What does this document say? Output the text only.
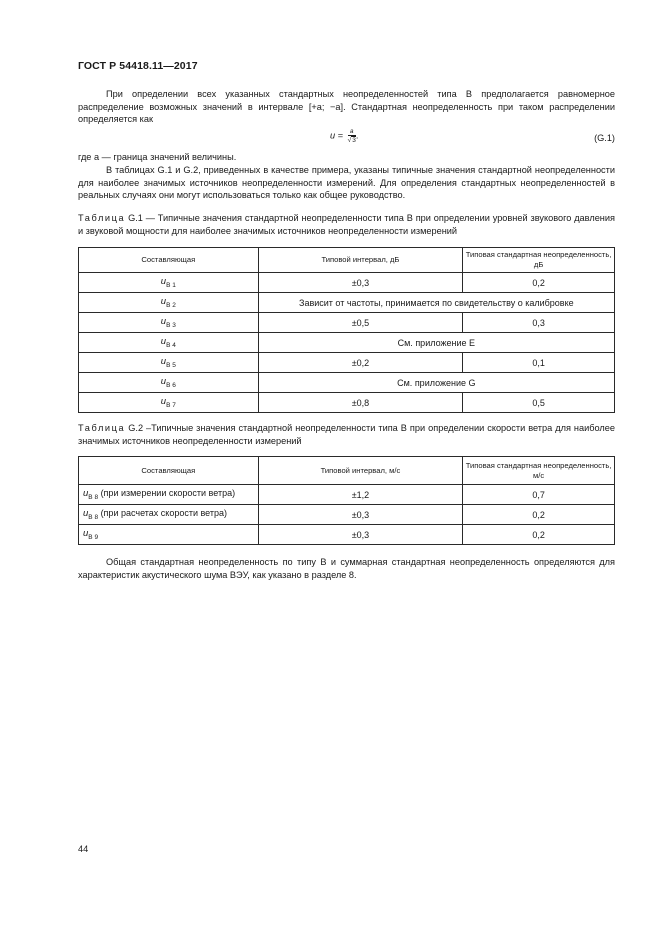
ГОСТ Р 54418.11—2017

При определении всех указанных стандартных неопределенностей типа В предполагается равномерное распределение возможных значений в интервале [+a; −a]. Стандартная неопределенность при таком распределении определяется как

$u = \frac{a}{√3}$ .	(G.1)

где a — граница значений величины.

В таблицах G.1 и G.2, приведенных в качестве примера, указаны типичные значения стандартной неопределенности для наиболее значимых источников неопределенности измерений. Для определения стандартных неопределенностей в реальных случаях они могут использоваться только как общее руководство.

Таблица G.1 — Типичные значения стандартной неопределенности типа В при определении уровней звукового давления и звуковой мощности для наиболее значимых источников неопределенности измерений

Составляющая	Типовой интервал, дБ	Типовая стандартная неопределенность, дБ
$u_{B 1}$	±0,3	0,2
$u_{B 2}$	Зависит от частоты, принимается по свидетельству о калибровке	
$u_{B 3}$	±0,5	0,3
$u_{B 4}$	См. приложение E	
$u_{B 5}$	±0,2	0,1
$u_{B 6}$	См. приложение G	
$u_{B 7}$	±0,8	0,5

Таблица G.2 –Типичные значения стандартной неопределенности типа В при определении скорости ветра для наиболее значимых источников неопределенности измерений

Составляющая	Типовой интервал, м/с	Типовая стандартная неопределенность, м/с
$u_{B 8}$ (при измерении скорости ветра)	±1,2	0,7
$u_{B 8}$ (при расчетах скорости ветра)	±0,3	0,2
$u_{B 9}$	±0,3	0,2

Общая стандартная неопределенность по типу В и суммарная стандартная неопределенность определяются для характеристик акустического шума ВЭУ, как указано в разделе 8.

44
